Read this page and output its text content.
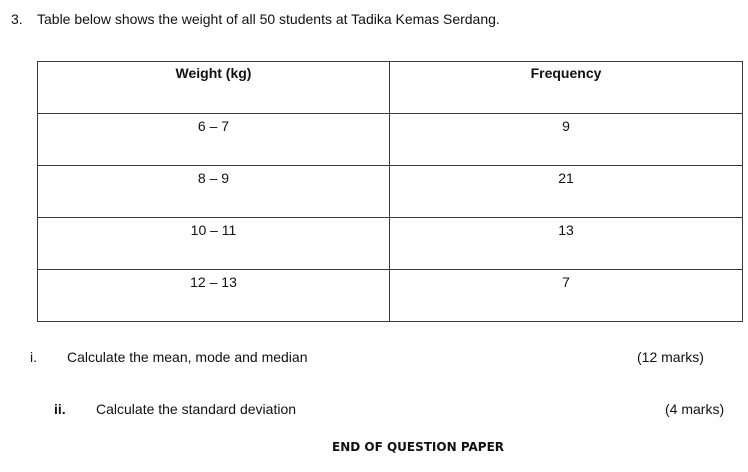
3. Table below shows the weight of all 50 students at Tadika Kemas Serdang.
Weight (kg)	Frequency
6 – 7	9
8 – 9	21
10 – 11	13
12 – 13	7
i. Calculate the mean, mode and median	(12 marks)
ii. Calculate the standard deviation	(4 marks)
END OF QUESTION PAPER
